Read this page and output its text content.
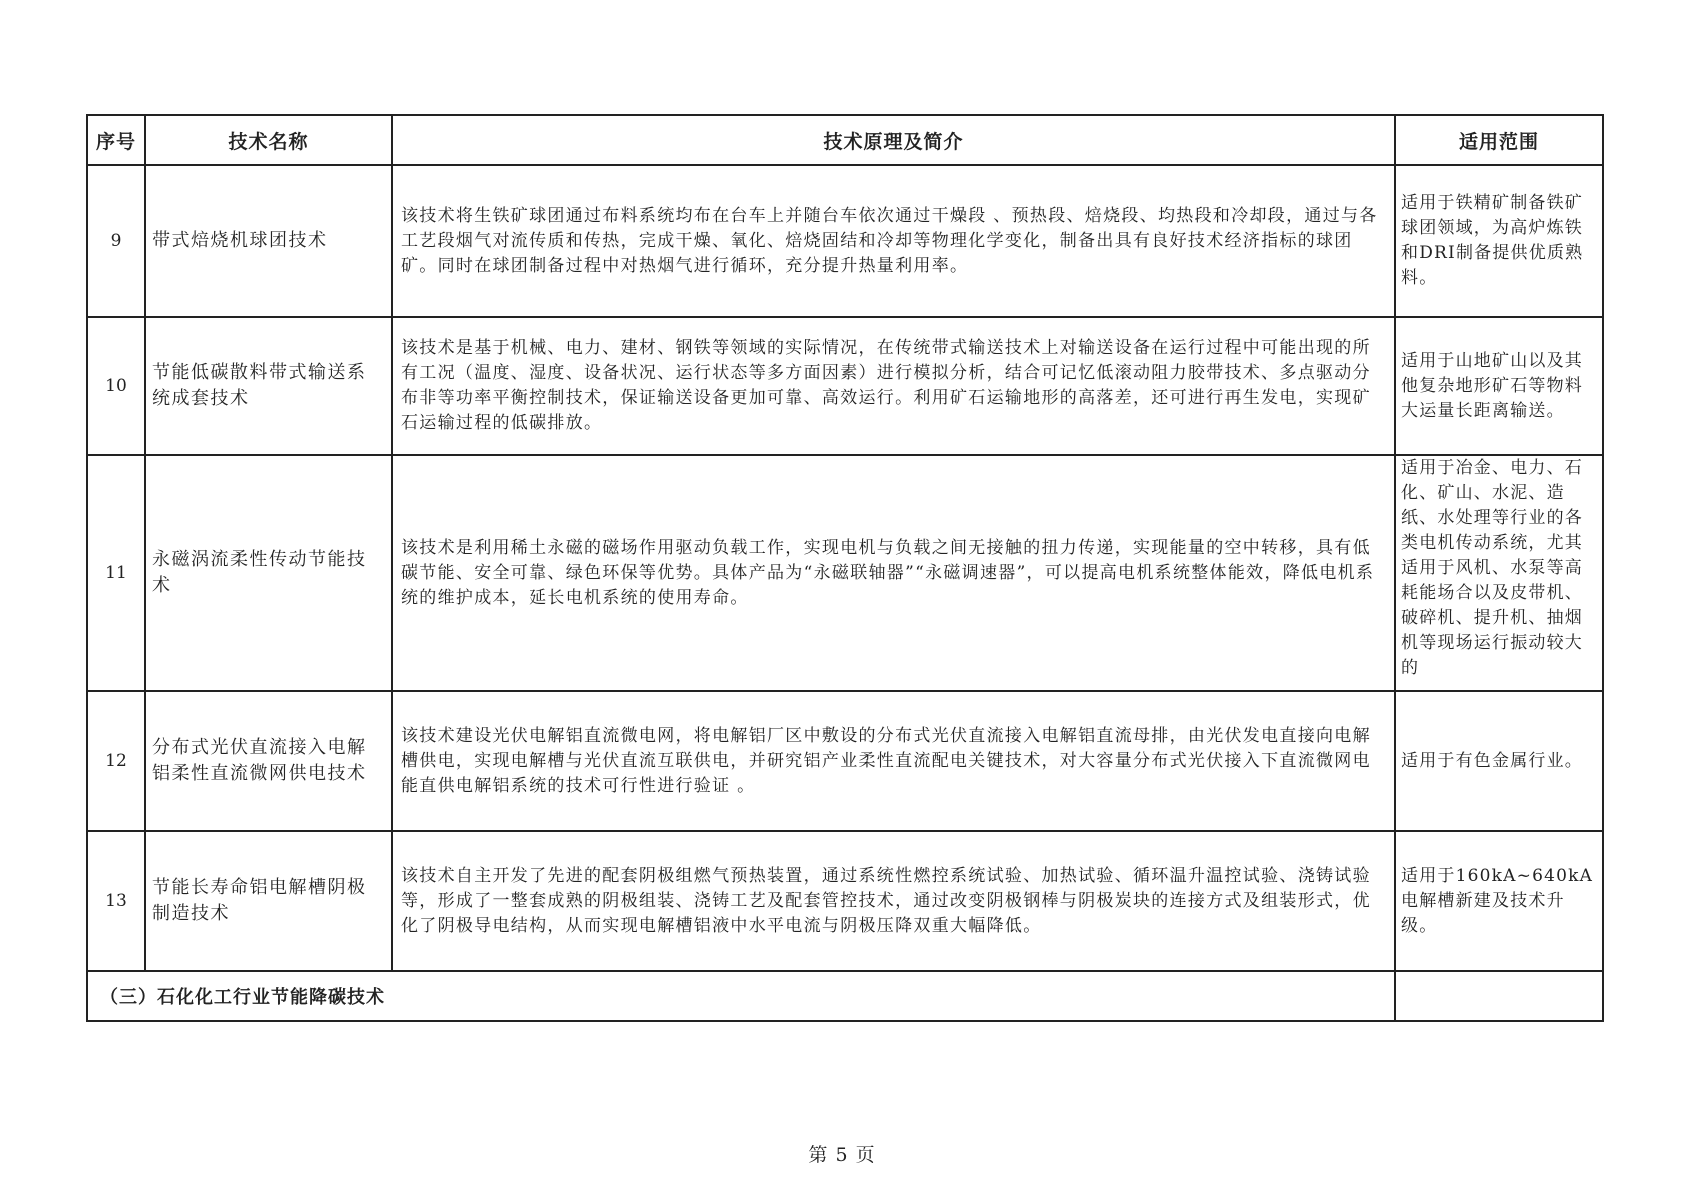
序号	技术名称	技术原理及简介	适用范围
9	带式焙烧机球团技术	该技术将生铁矿球团通过布料系统均布在台车上并随台车依次通过干燥段 、预热段、焙烧段、均热段和冷却段，通过与各工艺段烟气对流传质和传热，完成干燥、氧化、焙烧固结和冷却等物理化学变化，制备出具有良好技术经济指标的球团矿。同时在球团制备过程中对热烟气进行循环，充分提升热量利用率。	适用于铁精矿制备铁矿球团领域，为高炉炼铁和DRI制备提供优质熟料。
10	节能低碳散料带式输送系统成套技术	该技术是基于机械、电力、建材、钢铁等领域的实际情况，在传统带式输送技术上对输送设备在运行过程中可能出现的所有工况（温度、湿度、设备状况、运行状态等多方面因素）进行模拟分析，结合可记忆低滚动阻力胶带技术、多点驱动分布非等功率平衡控制技术，保证输送设备更加可靠、高效运行。利用矿石运输地形的高落差，还可进行再生发电，实现矿石运输过程的低碳排放。	适用于山地矿山以及其他复杂地形矿石等物料大运量长距离输送。
11	永磁涡流柔性传动节能技术	该技术是利用稀土永磁的磁场作用驱动负载工作，实现电机与负载之间无接触的扭力传递，实现能量的空中转移，具有低碳节能、安全可靠、绿色环保等优势。具体产品为“永磁联轴器”“永磁调速器”，可以提高电机系统整体能效，降低电机系统的维护成本，延长电机系统的使用寿命。	适用于冶金、电力、石化、矿山、水泥、造纸、水处理等行业的各类电机传动系统，尤其适用于风机、水泵等高耗能场合以及皮带机、破碎机、提升机、抽烟机等现场运行振动较大的

12	分布式光伏直流接入电解铝柔性直流微网供电技术	该技术建设光伏电解铝直流微电网，将电解铝厂区中敷设的分布式光伏直流接入电解铝直流母排，由光伏发电直接向电解槽供电，实现电解槽与光伏直流互联供电，并研究铝产业柔性直流配电关键技术，对大容量分布式光伏接入下直流微网电能直供电解铝系统的技术可行性进行验证 。	适用于有色金属行业。
13	节能长寿命铝电解槽阴极制造技术	该技术自主开发了先进的配套阴极组燃气预热装置，通过系统性燃控系统试验、加热试验、循环温升温控试验、浇铸试验等，形成了一整套成熟的阴极组装、浇铸工艺及配套管控技术，通过改变阴极钢棒与阴极炭块的连接方式及组装形式，优化了阴极导电结构，从而实现电解槽铝液中水平电流与阴极压降双重大幅降低。	适用于160kA~640kA电解槽新建及技术升级。
（三）石化化工行业节能降碳技术			
第 5 页
